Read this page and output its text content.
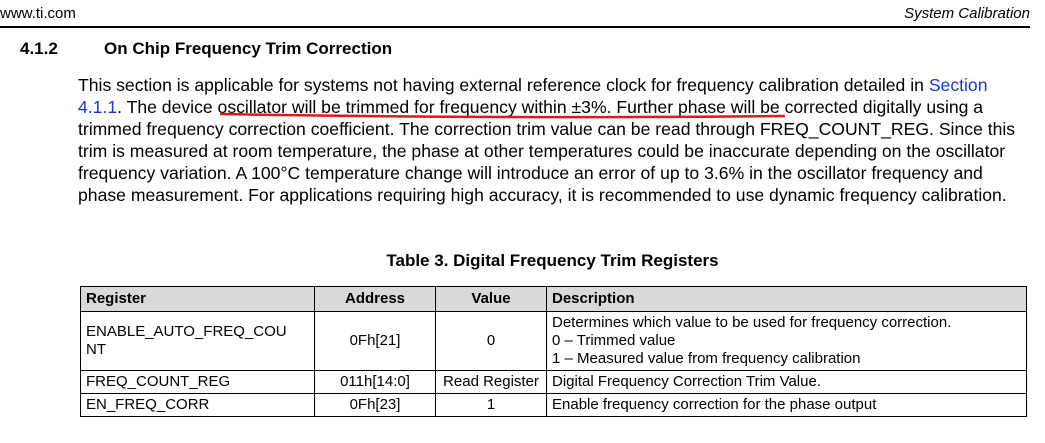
www.ti.com	System Calibration
4.1.2	On Chip Frequency Trim Correction

This section is applicable for systems not having external reference clock for frequency calibration detailed in Section 4.1.1. The device oscillator will be trimmed for frequency within ±3%. Further phase will be corrected digitally using a trimmed frequency correction coefficient. The correction trim value can be read through FREQ_COUNT_REG. Since this trim is measured at room temperature, the phase at other temperatures could be inaccurate depending on the oscillator frequency variation. A 100°C temperature change will introduce an error of up to 3.6% in the oscillator frequency and phase measurement. For applications requiring high accuracy, it is recommended to use dynamic frequency calibration.

Table 3. Digital Frequency Trim Registers
Register	Address	Value	Description
ENABLE_AUTO_FREQ_COU NT	0Fh[21]	0	Determines which value to be used for frequency correction.
0 – Trimmed value
1 – Measured value from frequency calibration

FREQ_COUNT_REG	011h[14:0]	Read Register	Digital Frequency Correction Trim Value.

EN_FREQ_CORR	0Fh[23]	1	Enable frequency correction for the phase output
